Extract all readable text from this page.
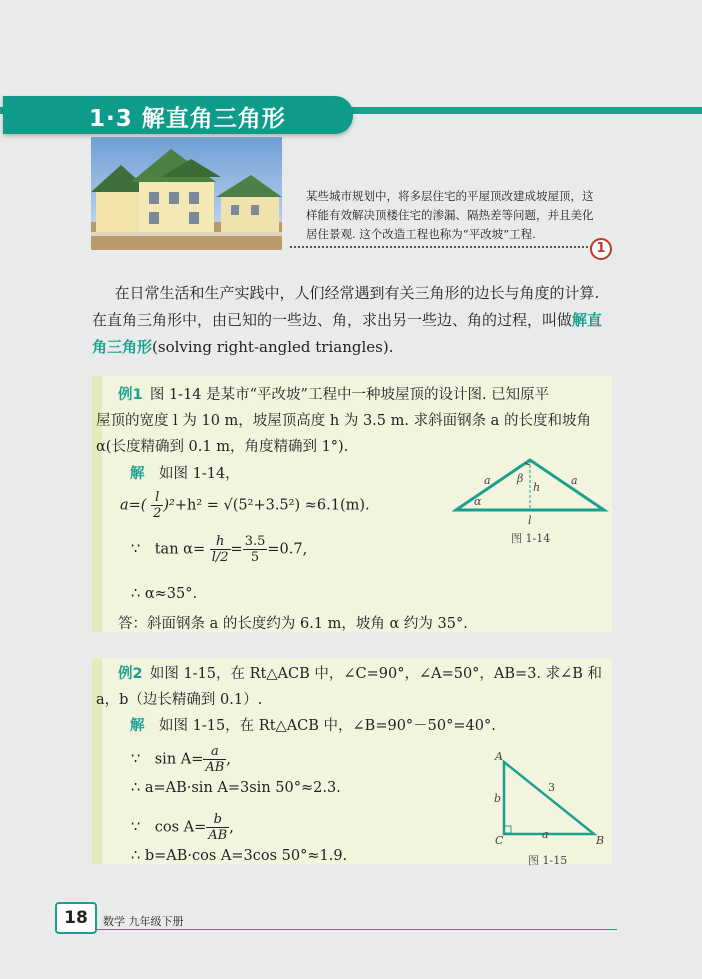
1·3 解直角三角形
某些城市规划中，将多层住宅的平屋顶改建成坡屋顶，这样能有效解决顶楼住宅的渗漏、隔热差等问题，并且美化居住景观. 这个改造工程也称为“平改坡”工程.
1
  在日常生活和生产实践中，人们经常遇到有关三角形的边长与角度的计算. 在直角三角形中，由已知的一些边、角，求出另一些边、角的过程，叫做解直角三角形(solving right-angled triangles).
例1  图 1-14 是某市“平改坡”工程中一种坡屋顶的设计图. 已知原平
屋顶的宽度 l 为 10 m，坡屋顶高度 h 为 3.5 m. 求斜面钢条 a 的长度和坡角
α(长度精确到 0.1 m，角度精确到 1°).
解   如图 1-14，
$a=( \frac{l}{2} )^2+h^2 = √(5^2+3.5^2) \approx 6.1(m)$.
∵   $\tan \alpha= \frac{h}{l/2} = \frac{3.5}{5} =0.7$,
∴ α≈35°.
答：斜面钢条 a 的长度约为 6.1 m，坡角 α 约为 35°.
a	a
β
h
α
l
图 1-14
例2  如图 1-15，在 Rt△ACB 中，∠C=90°，∠A=50°，AB=3. 求∠B 和
a，b（边长精确到 0.1）.
解   如图 1-15，在 Rt△ACB 中，∠B=90°－50°=40°.
∵   $\sin A= \frac{a}{AB}$ ,
∴ a=AB·sin A=3sin 50°≈2.3.
∵   $\cos A= \frac{b}{AB}$ ,
∴ b=AB·cos A=3cos 50°≈1.9.
A
B
C	a
b
3
图 1-15
18	数学 九年级下册
